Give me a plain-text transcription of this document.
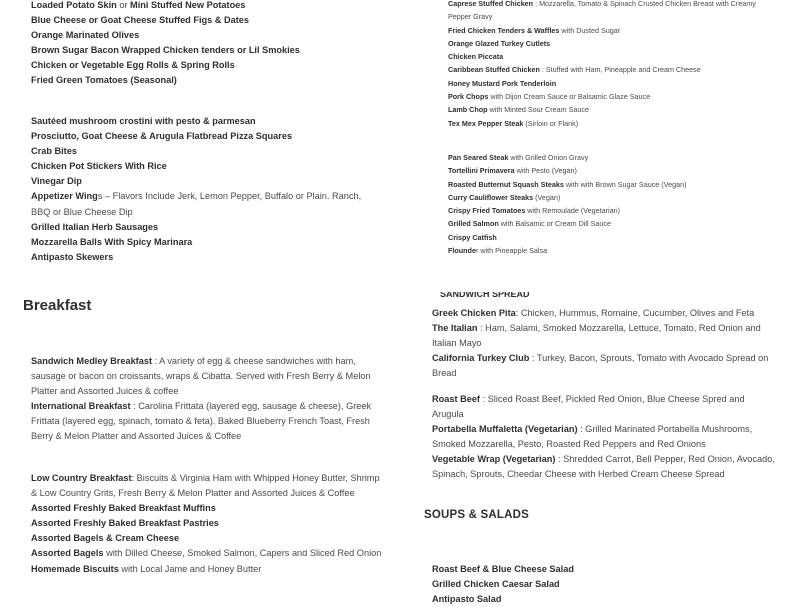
Loaded Potato Skin or Mini Stuffed New Potatoes

Blue Cheese or Goat Cheese Stuffed Figs & Dates

Orange Marinated Olives

Brown Sugar Bacon Wrapped Chicken tenders or Lil Smokies

Chicken or Vegetable Egg Rolls & Spring Rolls

Fried Green Tomatoes (Seasonal)

Sautéed mushroom crostini with pesto & parmesan

Prosciutto, Goat Cheese & Arugula Flatbread Pizza Squares

Crab Bites

Chicken Pot Stickers With Rice

Vinegar Dip

Appetizer Wings – Flavors Include Jerk, Lemon Pepper, Buffalo or Plain. Ranch, BBQ or Blue Cheese Dip

Grilled Italian Herb Sausages

Mozzarella Balls With Spicy Marinara

Antipasto Skewers

Breakfast

Sandwich Medley Breakfast : A variety of egg & cheese sandwiches with ham, sausage or bacon on croissants, wraps & Cibatta. Served with Fresh Berry & Melon Platter and Assorted Juices & coffee

International Breakfast : Carolina Frittata (layered egg, sausage & cheese), Greek Frittata (layered egg, spinach, tomato & feta). Baked Blueberry French Toast, Fresh Berry & Melon Platter and Assorted Juices & Coffee

Low Country Breakfast: Biscuits & Virginia Ham with Whipped Honey Butter, Shrimp & Low Country Grits, Fresh Berry & Melon Platter and Assorted Juices & Coffee

Assorted Freshly Baked Breakfast Muffins

Assorted Freshly Baked Breakfast Pastries

Assorted Bagels & Cream Cheese

Assorted Bagels with Dilled Cheese, Smoked Salmon, Capers and Sliced Red Onion

Homemade Biscuits with Local Jame and Honey Butter

Caprese Stuffed Chicken : Mozzarella, Tomato & Spinach Crusted Chicken Breast with Creamy Pepper Gravy

Fried Chicken Tenders & Waffles with Dusted Sugar

Orange Glazed Turkey Cutlets

Chicken Piccata

Caribbean Stuffed Chicken : Stuffed with Ham, Pineapple and Cream Cheese

Honey Mustard Pork Tenderloin

Pork Chops with Dijon Cream Sauce or Balsamic Glaze Sauce

Lamb Chop with Minted Sour Cream Sauce

Tex Mex Pepper Steak (Sirloin or Flank)

Pan Seared Steak with Grilled Onion Gravy

Tortellini Primavera with Pesto (Vegan)

Roasted Butternut Squash Steaks with with Brown Sugar Sauce (Vegan)

Curry Cauliflower Steaks (Vegan)

Crispy Fried Tomatoes with Remoulade (Vegetarian)

Grilled Salmon with Balsamic or Cream Dill Sauce

Crispy Catfish

Flounder with Pineapple Salsa

SANDWICH SPREAD

Greek Chicken Pita: Chicken, Hummus, Romaine, Cucumber, Olives and Feta

The Italian : Ham, Salami, Smoked Mozzarella, Lettuce, Tomato, Red Onion and Italian Mayo

California Turkey Club : Turkey, Bacon, Sprouts, Tomato with Avocado Spread on Bread

Roast Beef : Sliced Roast Beef, Pickled Red Onion, Blue Cheese Spred and Arugula

Portabella Muffaletta (Vegetarian) : Grilled Marinated Portabella Mushrooms, Smoked Mozzarella, Pesto, Roasted Red Peppers and Red Onions

Vegetable Wrap (Vegetarian) : Shredded Carrot, Bell Pepper, Red Onion, Avocado, Spinach, Sprouts, Cheedar Cheese with Herbed Cream Cheese Spread

SOUPS & SALADS

Roast Beef & Blue Cheese Salad

Grilled Chicken Caesar Salad

Antipasto Salad
